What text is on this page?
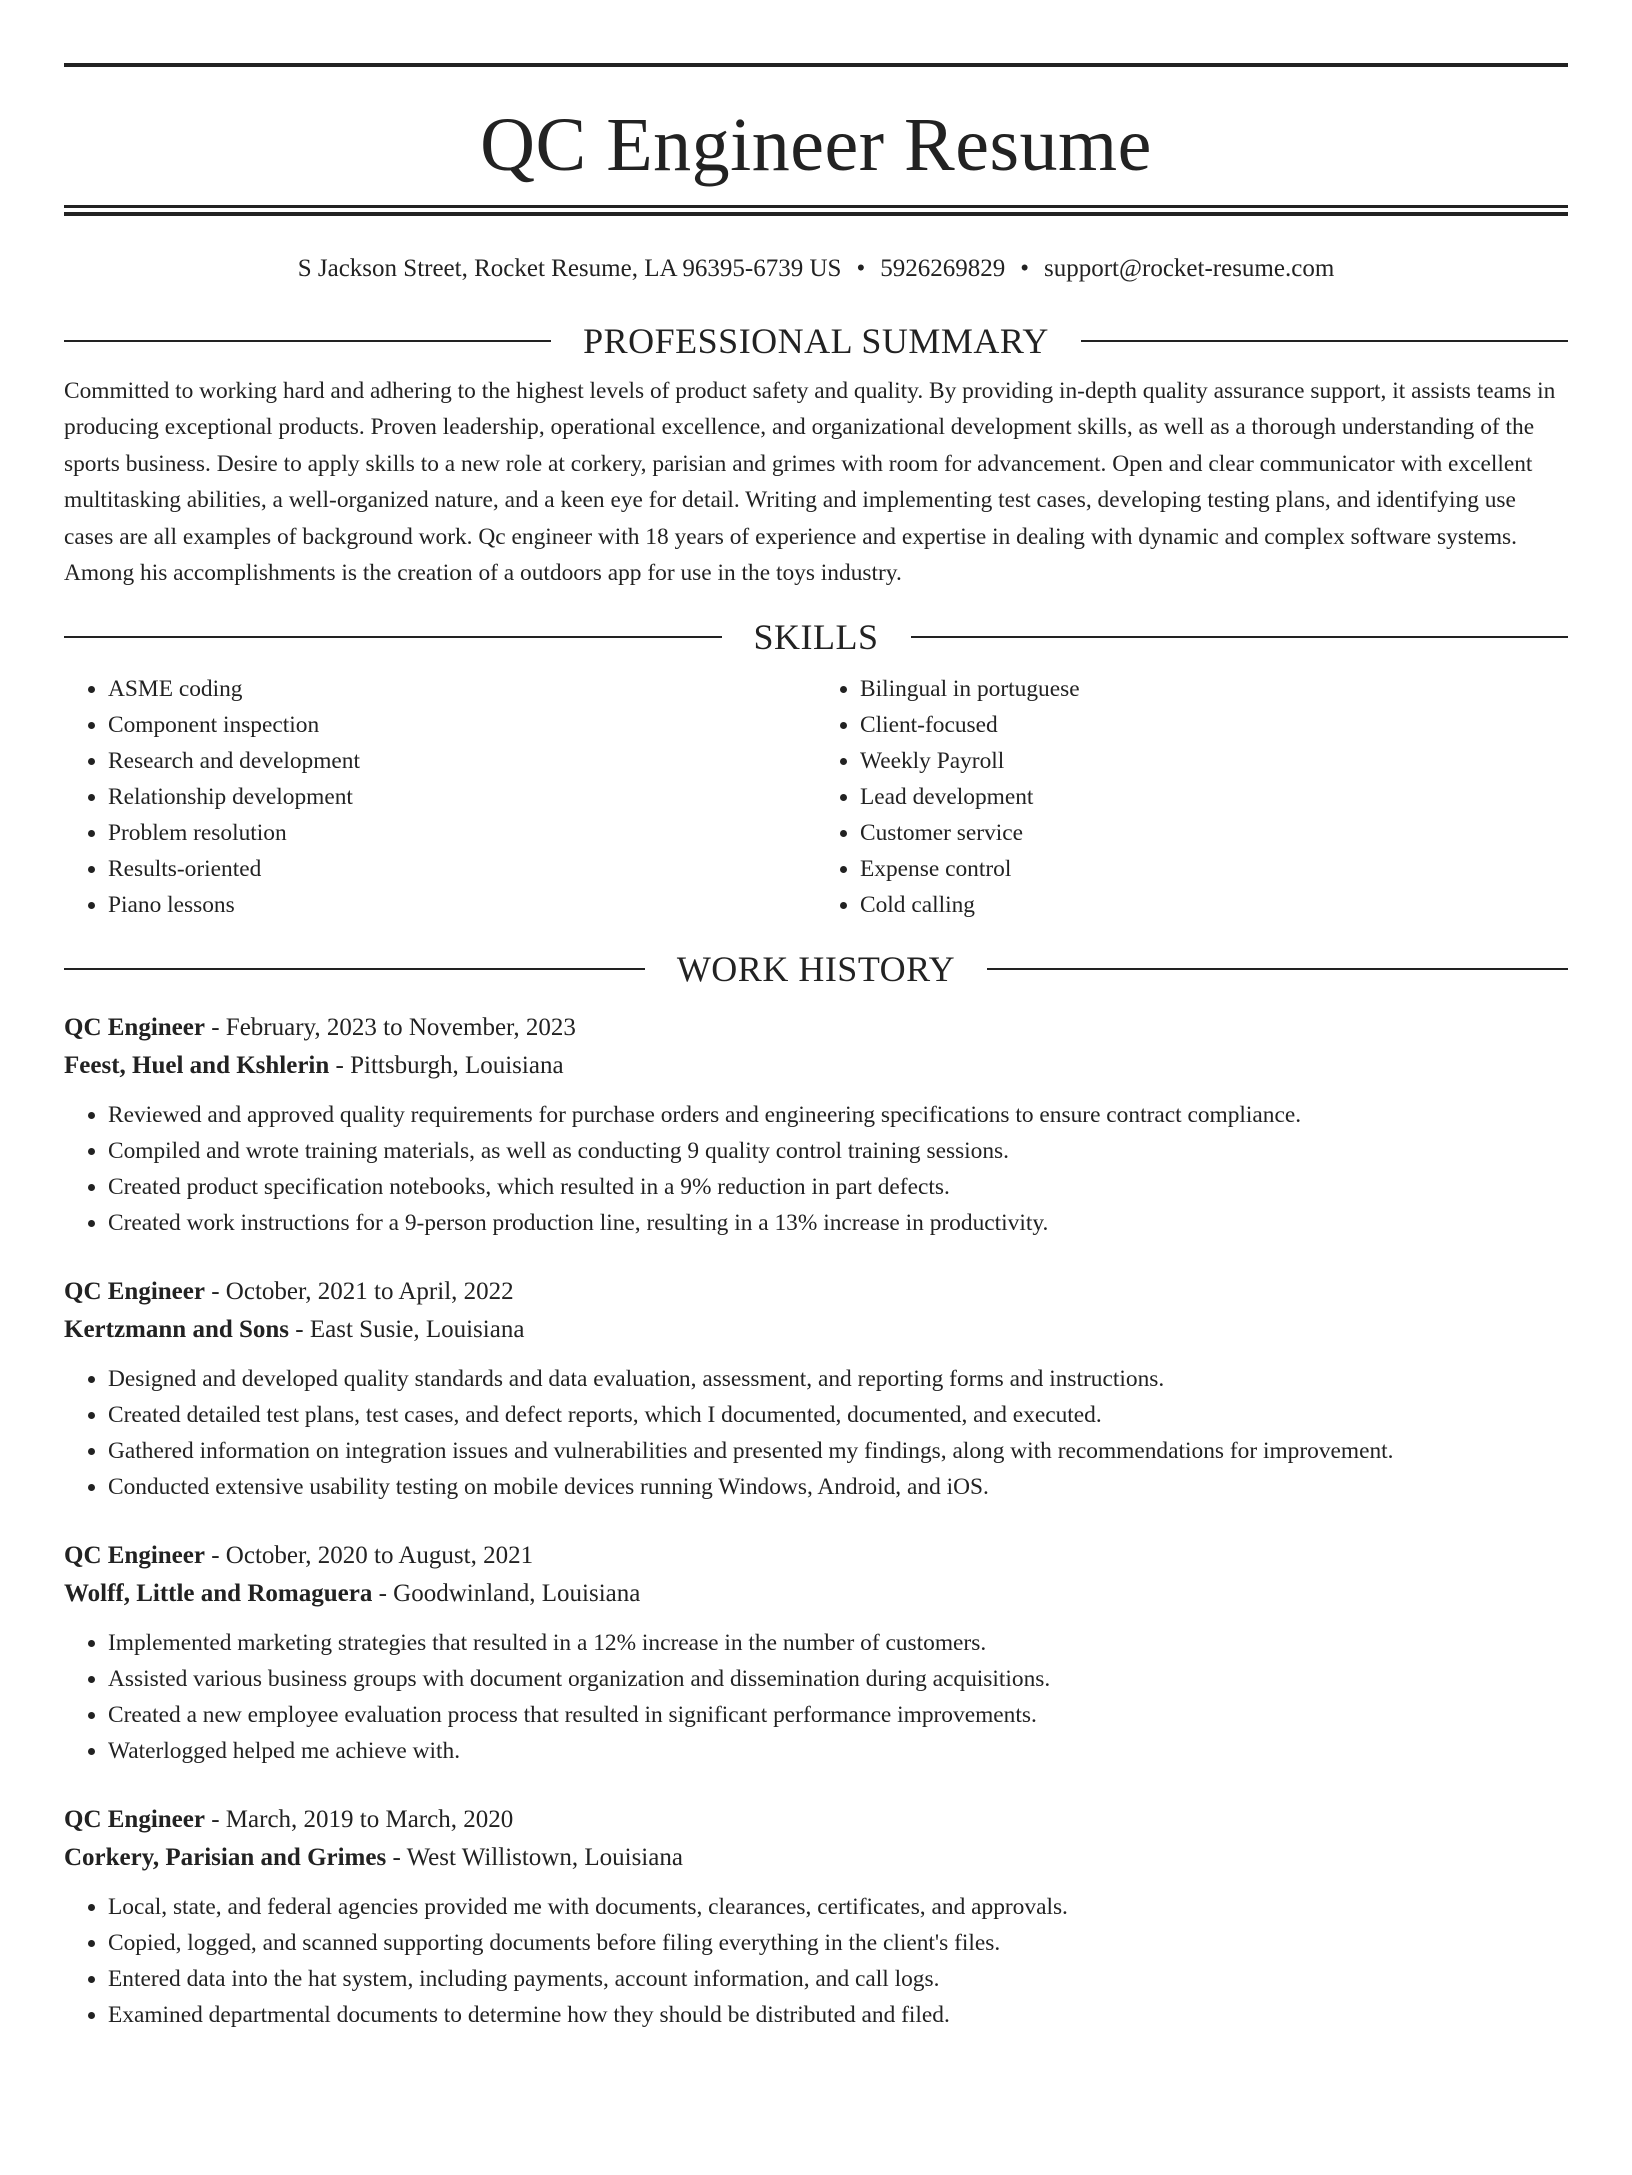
QC Engineer Resume
S Jackson Street, Rocket Resume, LA 96395-6739 US • 5926269829 • support@rocket-resume.com
PROFESSIONAL SUMMARY

Committed to working hard and adhering to the highest levels of product safety and quality. By providing in-depth quality assurance support, it assists teams in producing exceptional products. Proven leadership, operational excellence, and organizational development skills, as well as a thorough understanding of the sports business. Desire to apply skills to a new role at corkery, parisian and grimes with room for advancement. Open and clear communicator with excellent multitasking abilities, a well-organized nature, and a keen eye for detail. Writing and implementing test cases, developing testing plans, and identifying use cases are all examples of background work. Qc engineer with 18 years of experience and expertise in dealing with dynamic and complex software systems. Among his accomplishments is the creation of a outdoors app for use in the toys industry.

SKILLS
• ASME coding
• Component inspection
• Research and development
• Relationship development
• Problem resolution
• Results-oriented
• Piano lessons
• Bilingual in portuguese
• Client-focused
• Weekly Payroll
• Lead development
• Customer service
• Expense control
• Cold calling
WORK HISTORY
QC Engineer - February, 2023 to November, 2023
Feest, Huel and Kshlerin - Pittsburgh, Louisiana
• Reviewed and approved quality requirements for purchase orders and engineering specifications to ensure contract compliance.
• Compiled and wrote training materials, as well as conducting 9 quality control training sessions.
• Created product specification notebooks, which resulted in a 9% reduction in part defects.
• Created work instructions for a 9-person production line, resulting in a 13% increase in productivity.
QC Engineer - October, 2021 to April, 2022
Kertzmann and Sons - East Susie, Louisiana
• Designed and developed quality standards and data evaluation, assessment, and reporting forms and instructions.
• Created detailed test plans, test cases, and defect reports, which I documented, documented, and executed.
• Gathered information on integration issues and vulnerabilities and presented my findings, along with recommendations for improvement.
• Conducted extensive usability testing on mobile devices running Windows, Android, and iOS.
QC Engineer - October, 2020 to August, 2021
Wolff, Little and Romaguera - Goodwinland, Louisiana
• Implemented marketing strategies that resulted in a 12% increase in the number of customers.
• Assisted various business groups with document organization and dissemination during acquisitions.
• Created a new employee evaluation process that resulted in significant performance improvements.
• Waterlogged helped me achieve with.
QC Engineer - March, 2019 to March, 2020
Corkery, Parisian and Grimes - West Willistown, Louisiana
• Local, state, and federal agencies provided me with documents, clearances, certificates, and approvals.
• Copied, logged, and scanned supporting documents before filing everything in the client's files.
• Entered data into the hat system, including payments, account information, and call logs.
• Examined departmental documents to determine how they should be distributed and filed.
